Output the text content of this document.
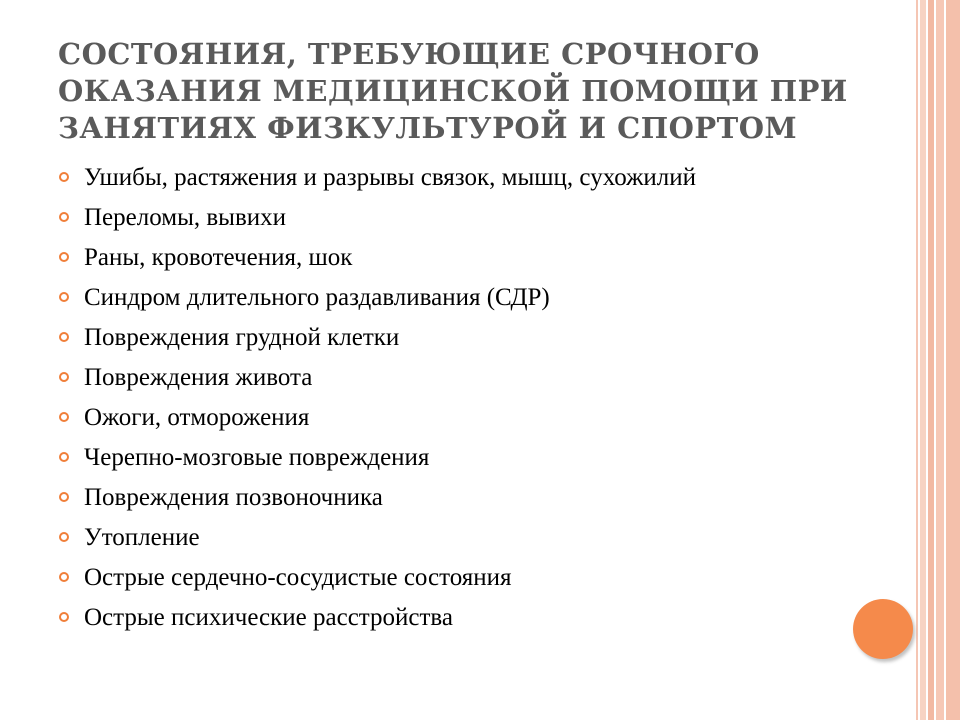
СОСТОЯНИЯ, ТРЕБУЮЩИЕ СРОЧНОГО ОКАЗАНИЯ МЕДИЦИНСКОЙ ПОМОЩИ ПРИ ЗАНЯТИЯХ ФИЗКУЛЬТУРОЙ И СПОРТОМ
Ушибы, растяжения и разрывы связок, мышц, сухожилий
Переломы, вывихи
Раны, кровотечения, шок
Синдром длительного раздавливания (СДР)
Повреждения грудной клетки
Повреждения живота
Ожоги, отморожения
Черепно-мозговые повреждения
Повреждения позвоночника
Утопление
Острые сердечно-сосудистые состояния
Острые психические расстройства
